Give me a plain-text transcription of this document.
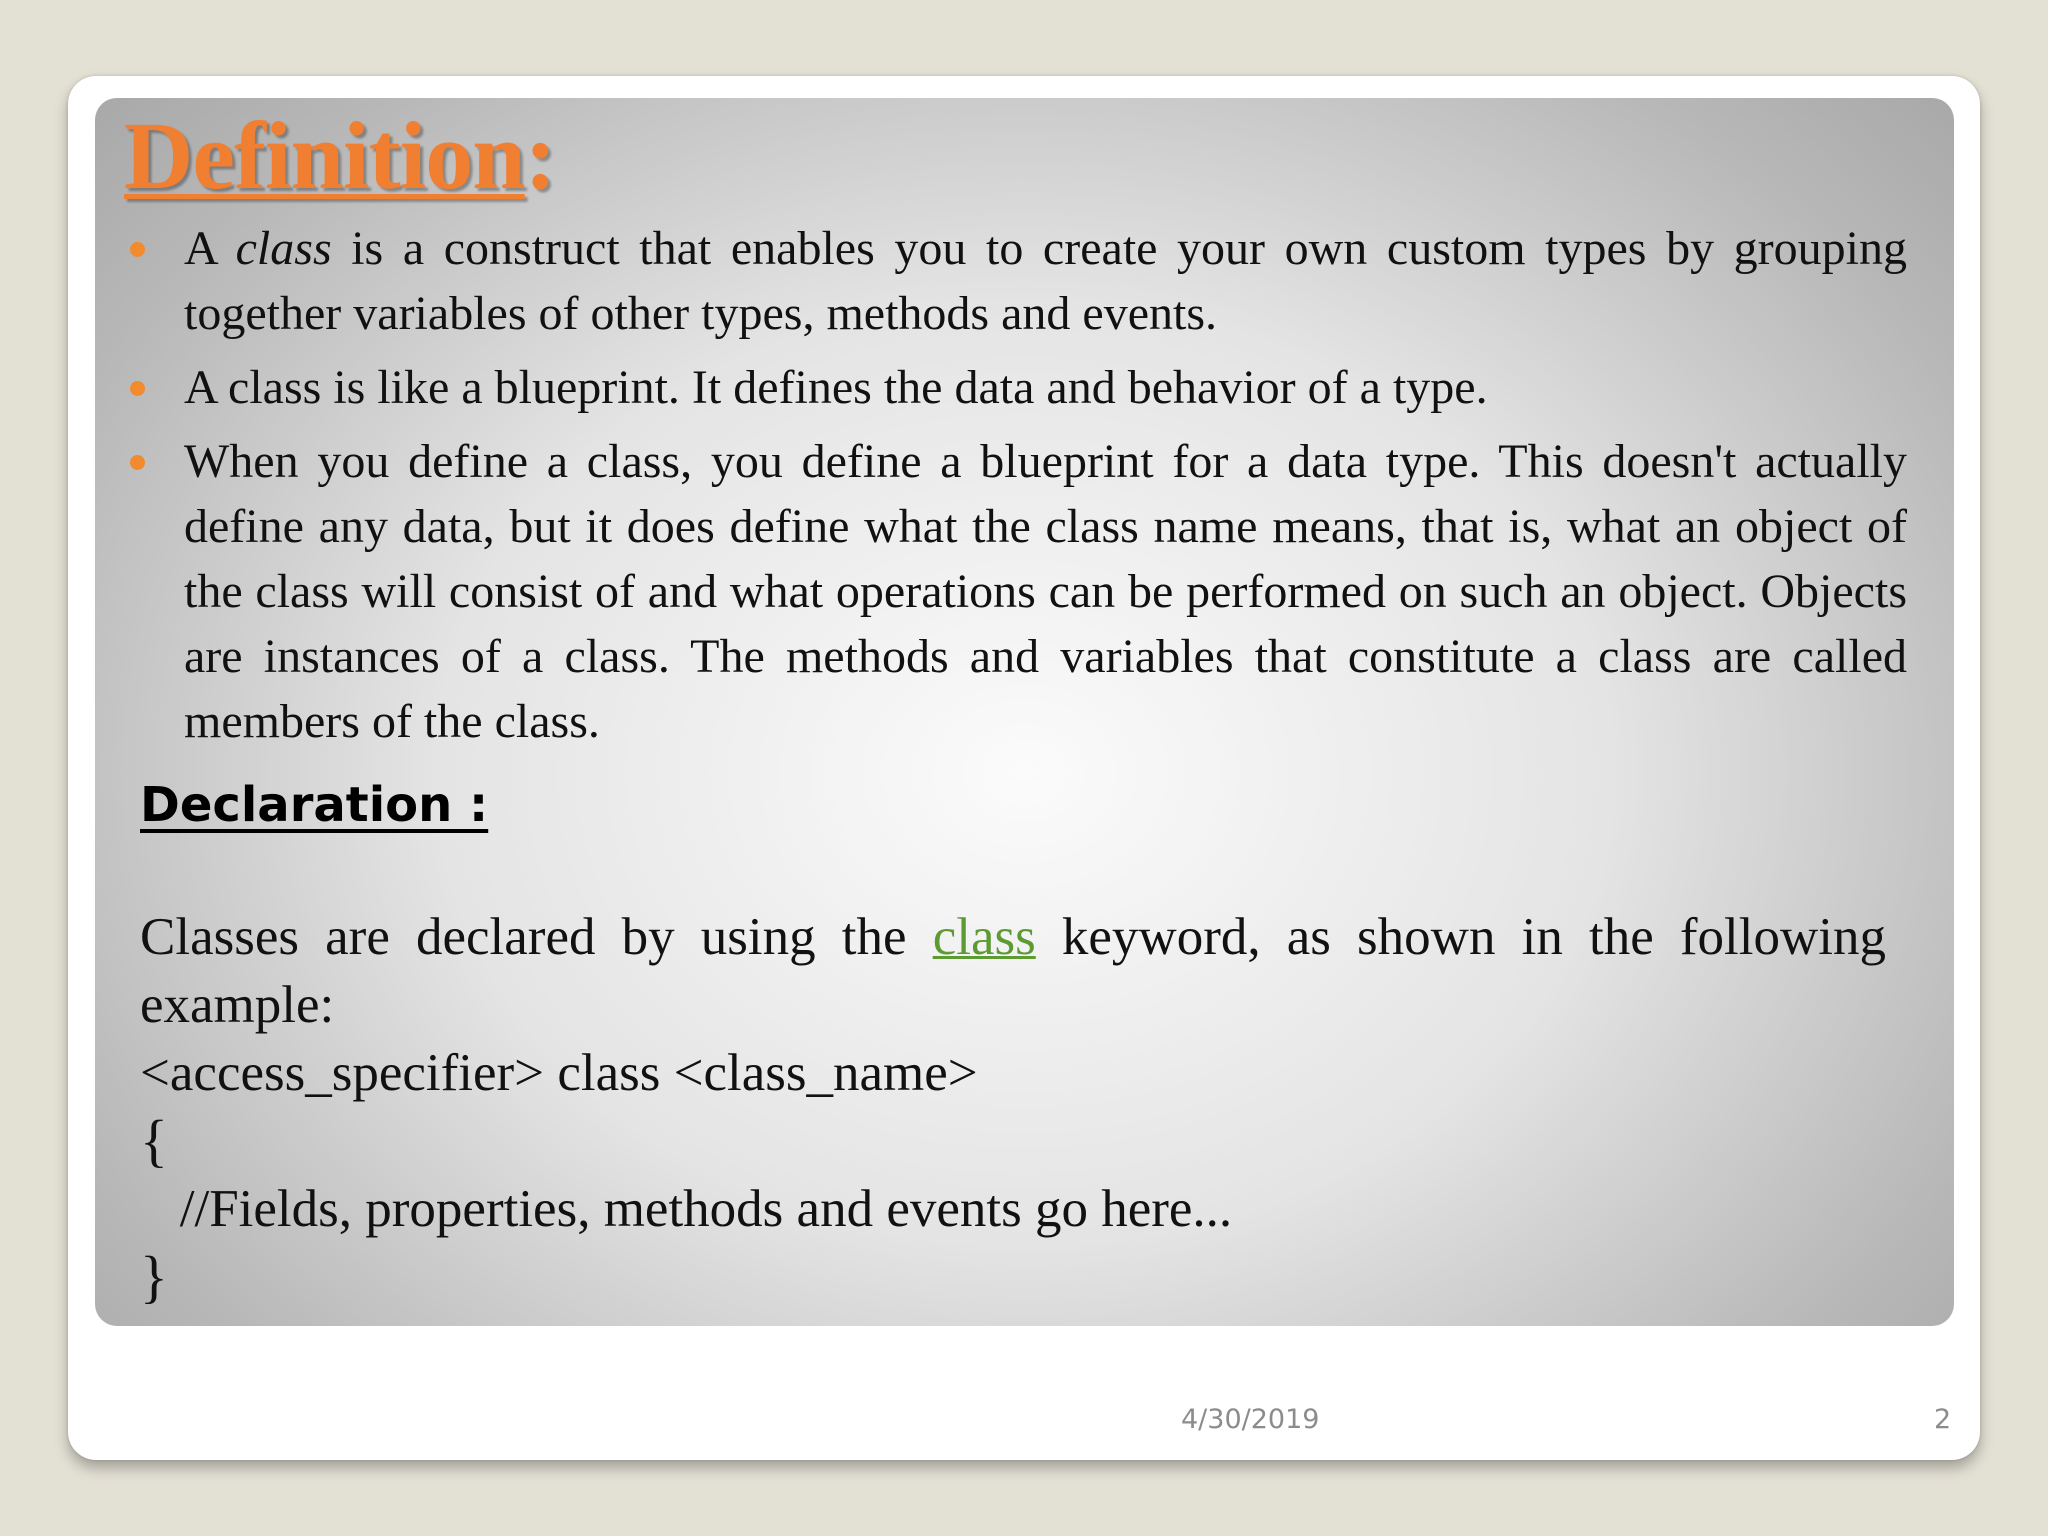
Definition:
A class is a construct that enables you to create your own custom types by grouping together variables of other types, methods and events.
A class is like a blueprint. It defines the data and behavior of a type.
When you define a class, you define a blueprint for a data type. This doesn't actually define any data, but it does define what the class name means, that is, what an object of the class will consist of and what operations can be performed on such an object. Objects are instances of a class. The methods and variables that constitute a class are called members of the class.
Declaration :

Classes are declared by using the class keyword, as shown in the following example:

<access_specifier> class <class_name>

{

//Fields, properties, methods and events go here...

}

4/30/2019	2
